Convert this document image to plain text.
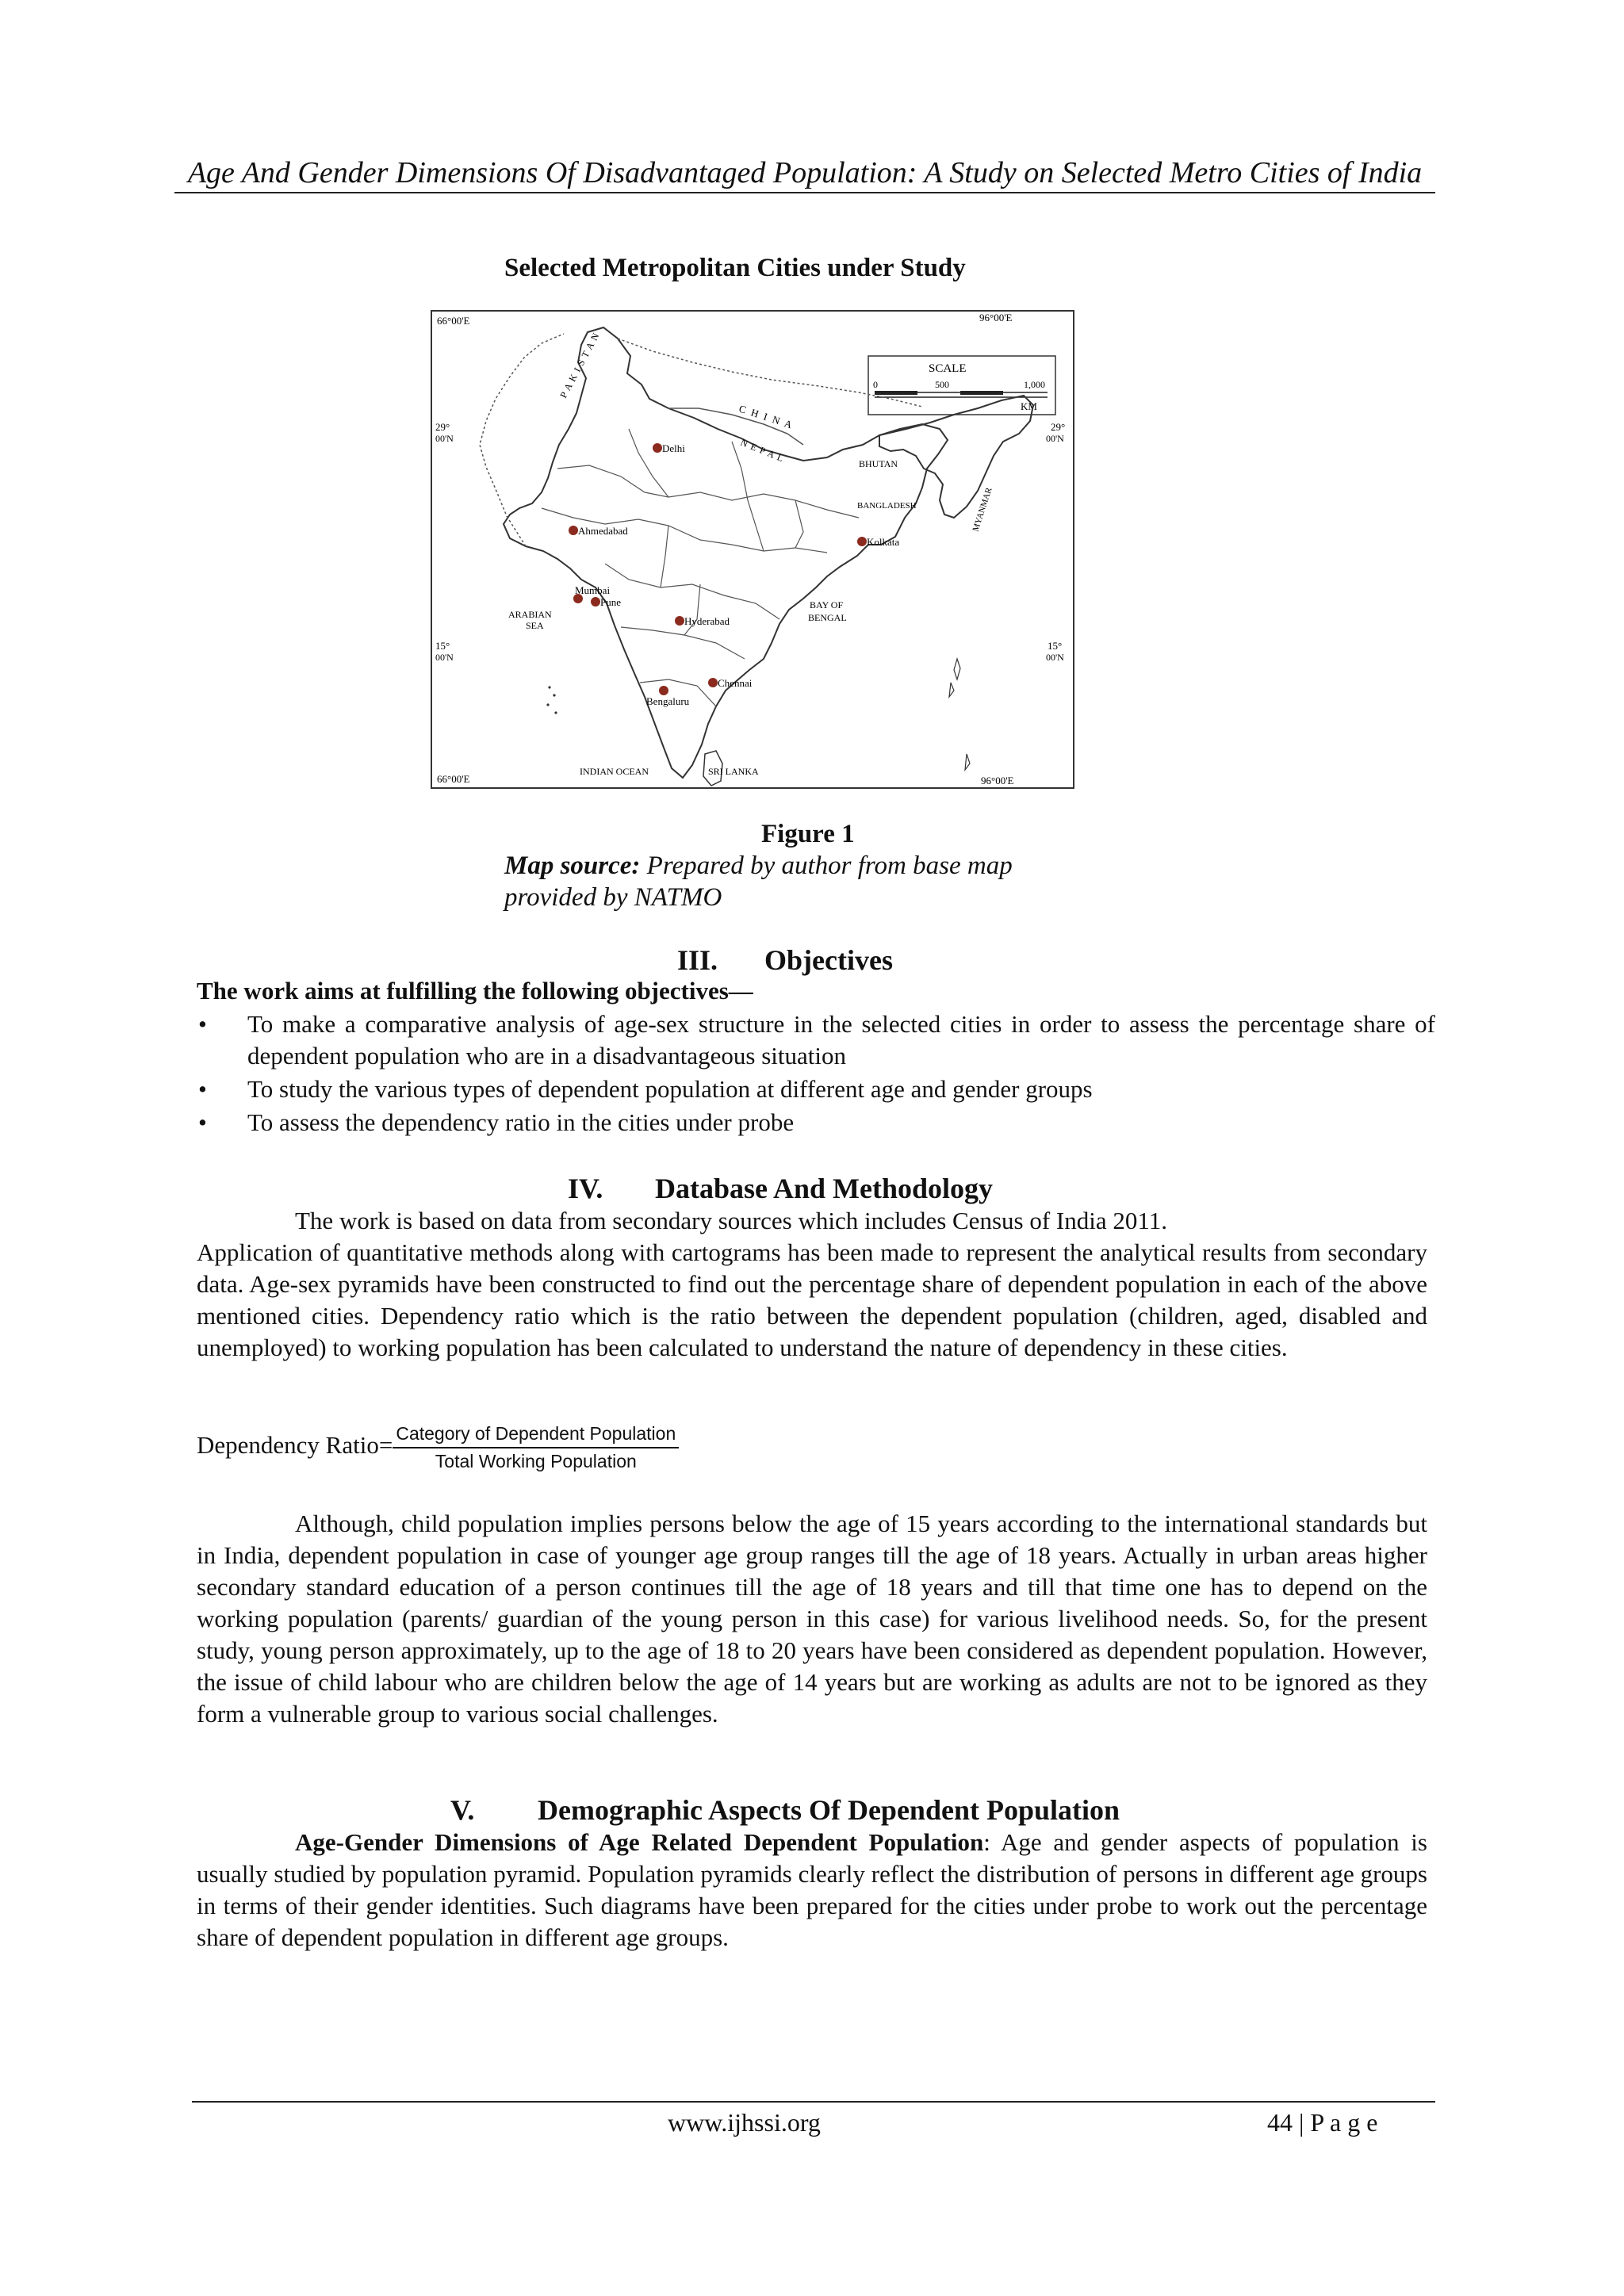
Age And Gender Dimensions Of Disadvantaged Population: A Study on Selected Metro Cities of India
Selected Metropolitan Cities under Study
66°00'E	96°00'E
66°00'E	96°00'E
29°
00'N
29°
00'N
15°
00'N
15°
00'N
SCALE
0	500	1,000
KM
P A K I S T A N
C H I N A
N E P A L	BHUTAN
BANGLADESH	MYANMAR
ARABIAN
SEA
BAY OF
BENGAL
INDIAN OCEAN	SRI LANKA
Delhi
Ahmedabad
Kolkata
Mumbai
Pune
Hyderabad
Chennai
Bengaluru
Figure 1
Map source: Prepared by author from base map provided by NATMO
III. Objectives
The work aims at fulfilling the following objectives—
• To make a comparative analysis of age-sex structure in the selected cities in order to assess the percentage share of dependent population who are in a disadvantageous situation
• To study the various types of dependent population at different age and gender groups
• To assess the dependency ratio in the cities under probe
IV. Database And Methodology
The work is based on data from secondary sources which includes Census of India 2011.
Application of quantitative methods along with cartograms has been made to represent the analytical results from secondary data. Age-sex pyramids have been constructed to find out the percentage share of dependent population in each of the above mentioned cities. Dependency ratio which is the ratio between the dependent population (children, aged, disabled and unemployed) to working population has been calculated to understand the nature of dependency in these cities.
Dependency Ratio= $\frac{\text{Category of Dependent Population}}{\text{Total Working Population}}$
Although, child population implies persons below the age of 15 years according to the international standards but in India, dependent population in case of younger age group ranges till the age of 18 years. Actually in urban areas higher secondary standard education of a person continues till the age of 18 years and till that time one has to depend on the working population (parents/ guardian of the young person in this case) for various livelihood needs. So, for the present study, young person approximately, up to the age of 18 to 20 years have been considered as dependent population. However, the issue of child labour who are children below the age of 14 years but are working as adults are not to be ignored as they form a vulnerable group to various social challenges.
V. Demographic Aspects Of Dependent Population
Age-Gender Dimensions of Age Related Dependent Population: Age and gender aspects of population is usually studied by population pyramid. Population pyramids clearly reflect the distribution of persons in different age groups in terms of their gender identities. Such diagrams have been prepared for the cities under probe to work out the percentage share of dependent population in different age groups.
www.ijhssi.org	44 | P a g e
